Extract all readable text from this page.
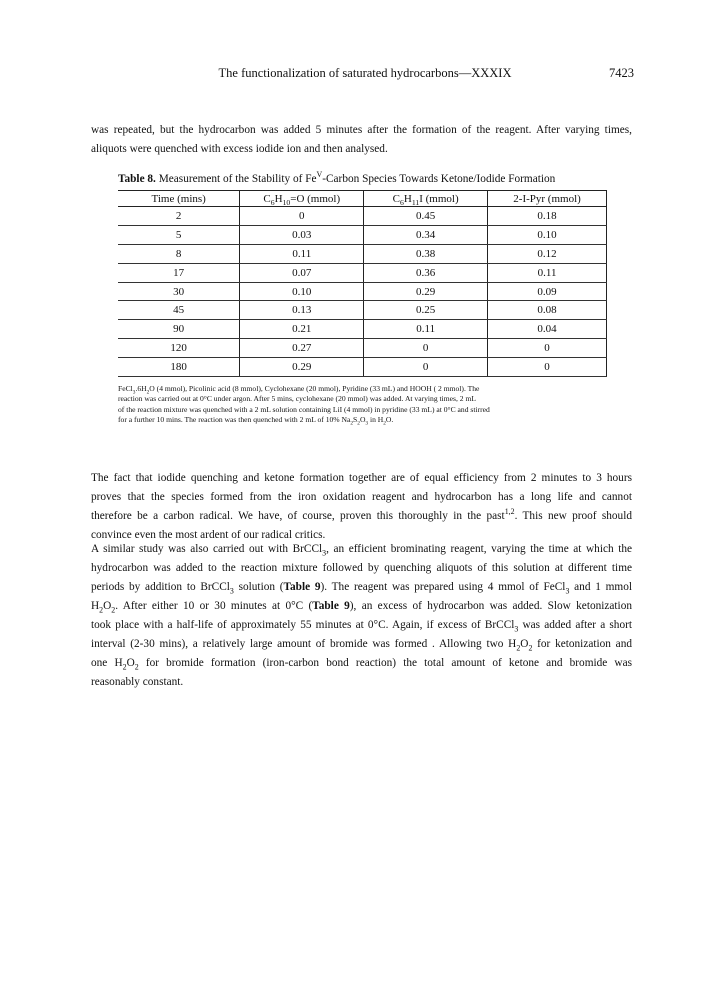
The functionalization of saturated hydrocarbons—XXXIX	7423
was repeated, but the hydrocarbon was added 5 minutes after the formation of the reagent. After varying times,
aliquots were quenched with excess iodide ion and then analysed.
Table 8. Measurement of the Stability of $Fe^V$-Carbon Species Towards Ketone/Iodide Formation
Time (mins)	$C_6H_{10}=O$ (mmol)	$C_6H_{11}I$ (mmol)	2-I-Pyr (mmol)
2	0	0.45	0.18
5	0.03	0.34	0.10
8	0.11	0.38	0.12
17	0.07	0.36	0.11
30	0.10	0.29	0.09
45	0.13	0.25	0.08
90	0.21	0.11	0.04
120	0.27	0	0
180	0.29	0	0
$FeCl_3.6H_2O$ (4 mmol), Picolinic acid (8 mmol), Cyclohexane (20 mmol), Pyridine (33 mL) and HOOH ( 2 mmol). The
reaction was carried out at 0°C under argon. After 5 mins, cyclohexane (20 mmol) was added. At varying times, 2 mL
of the reaction mixture was quenched with a 2 mL solution containing LiI (4 mmol) in pyridine (33 mL) at 0°C and stirred
for a further 10 mins. The reaction was then quenched with 2 mL of 10% $Na_2S_2O_3$ in $H_2O$.
The fact that iodide quenching and ketone formation together are of equal efficiency from 2 minutes to 3 hours
proves that the species formed from the iron oxidation reagent and hydrocarbon has a long life and cannot
therefore be a carbon radical. We have, of course, proven this thoroughly in the past$^{1,2}$. This new proof should
convince even the most ardent of our radical critics.
A similar study was also carried out with BrCCl$_3$, an efficient brominating reagent, varying the time at which the
hydrocarbon was added to the reaction mixture followed by quenching aliquots of this solution at different time
periods by addition to BrCCl$_3$ solution (Table 9). The reagent was prepared using 4 mmol of FeCl$_3$ and 1 mmol
$H_2O_2$. After either 10 or 30 minutes at 0°C (Table 9), an excess of hydrocarbon was added. Slow ketonization
took place with a half-life of approximately 55 minutes at 0°C. Again, if excess of BrCCl$_3$ was added after a short
interval (2-30 mins), a relatively large amount of bromide was formed . Allowing two $H_2O_2$ for ketonization and
one $H_2O_2$ for bromide formation (iron-carbon bond reaction) the total amount of ketone and bromide was
reasonably constant.
